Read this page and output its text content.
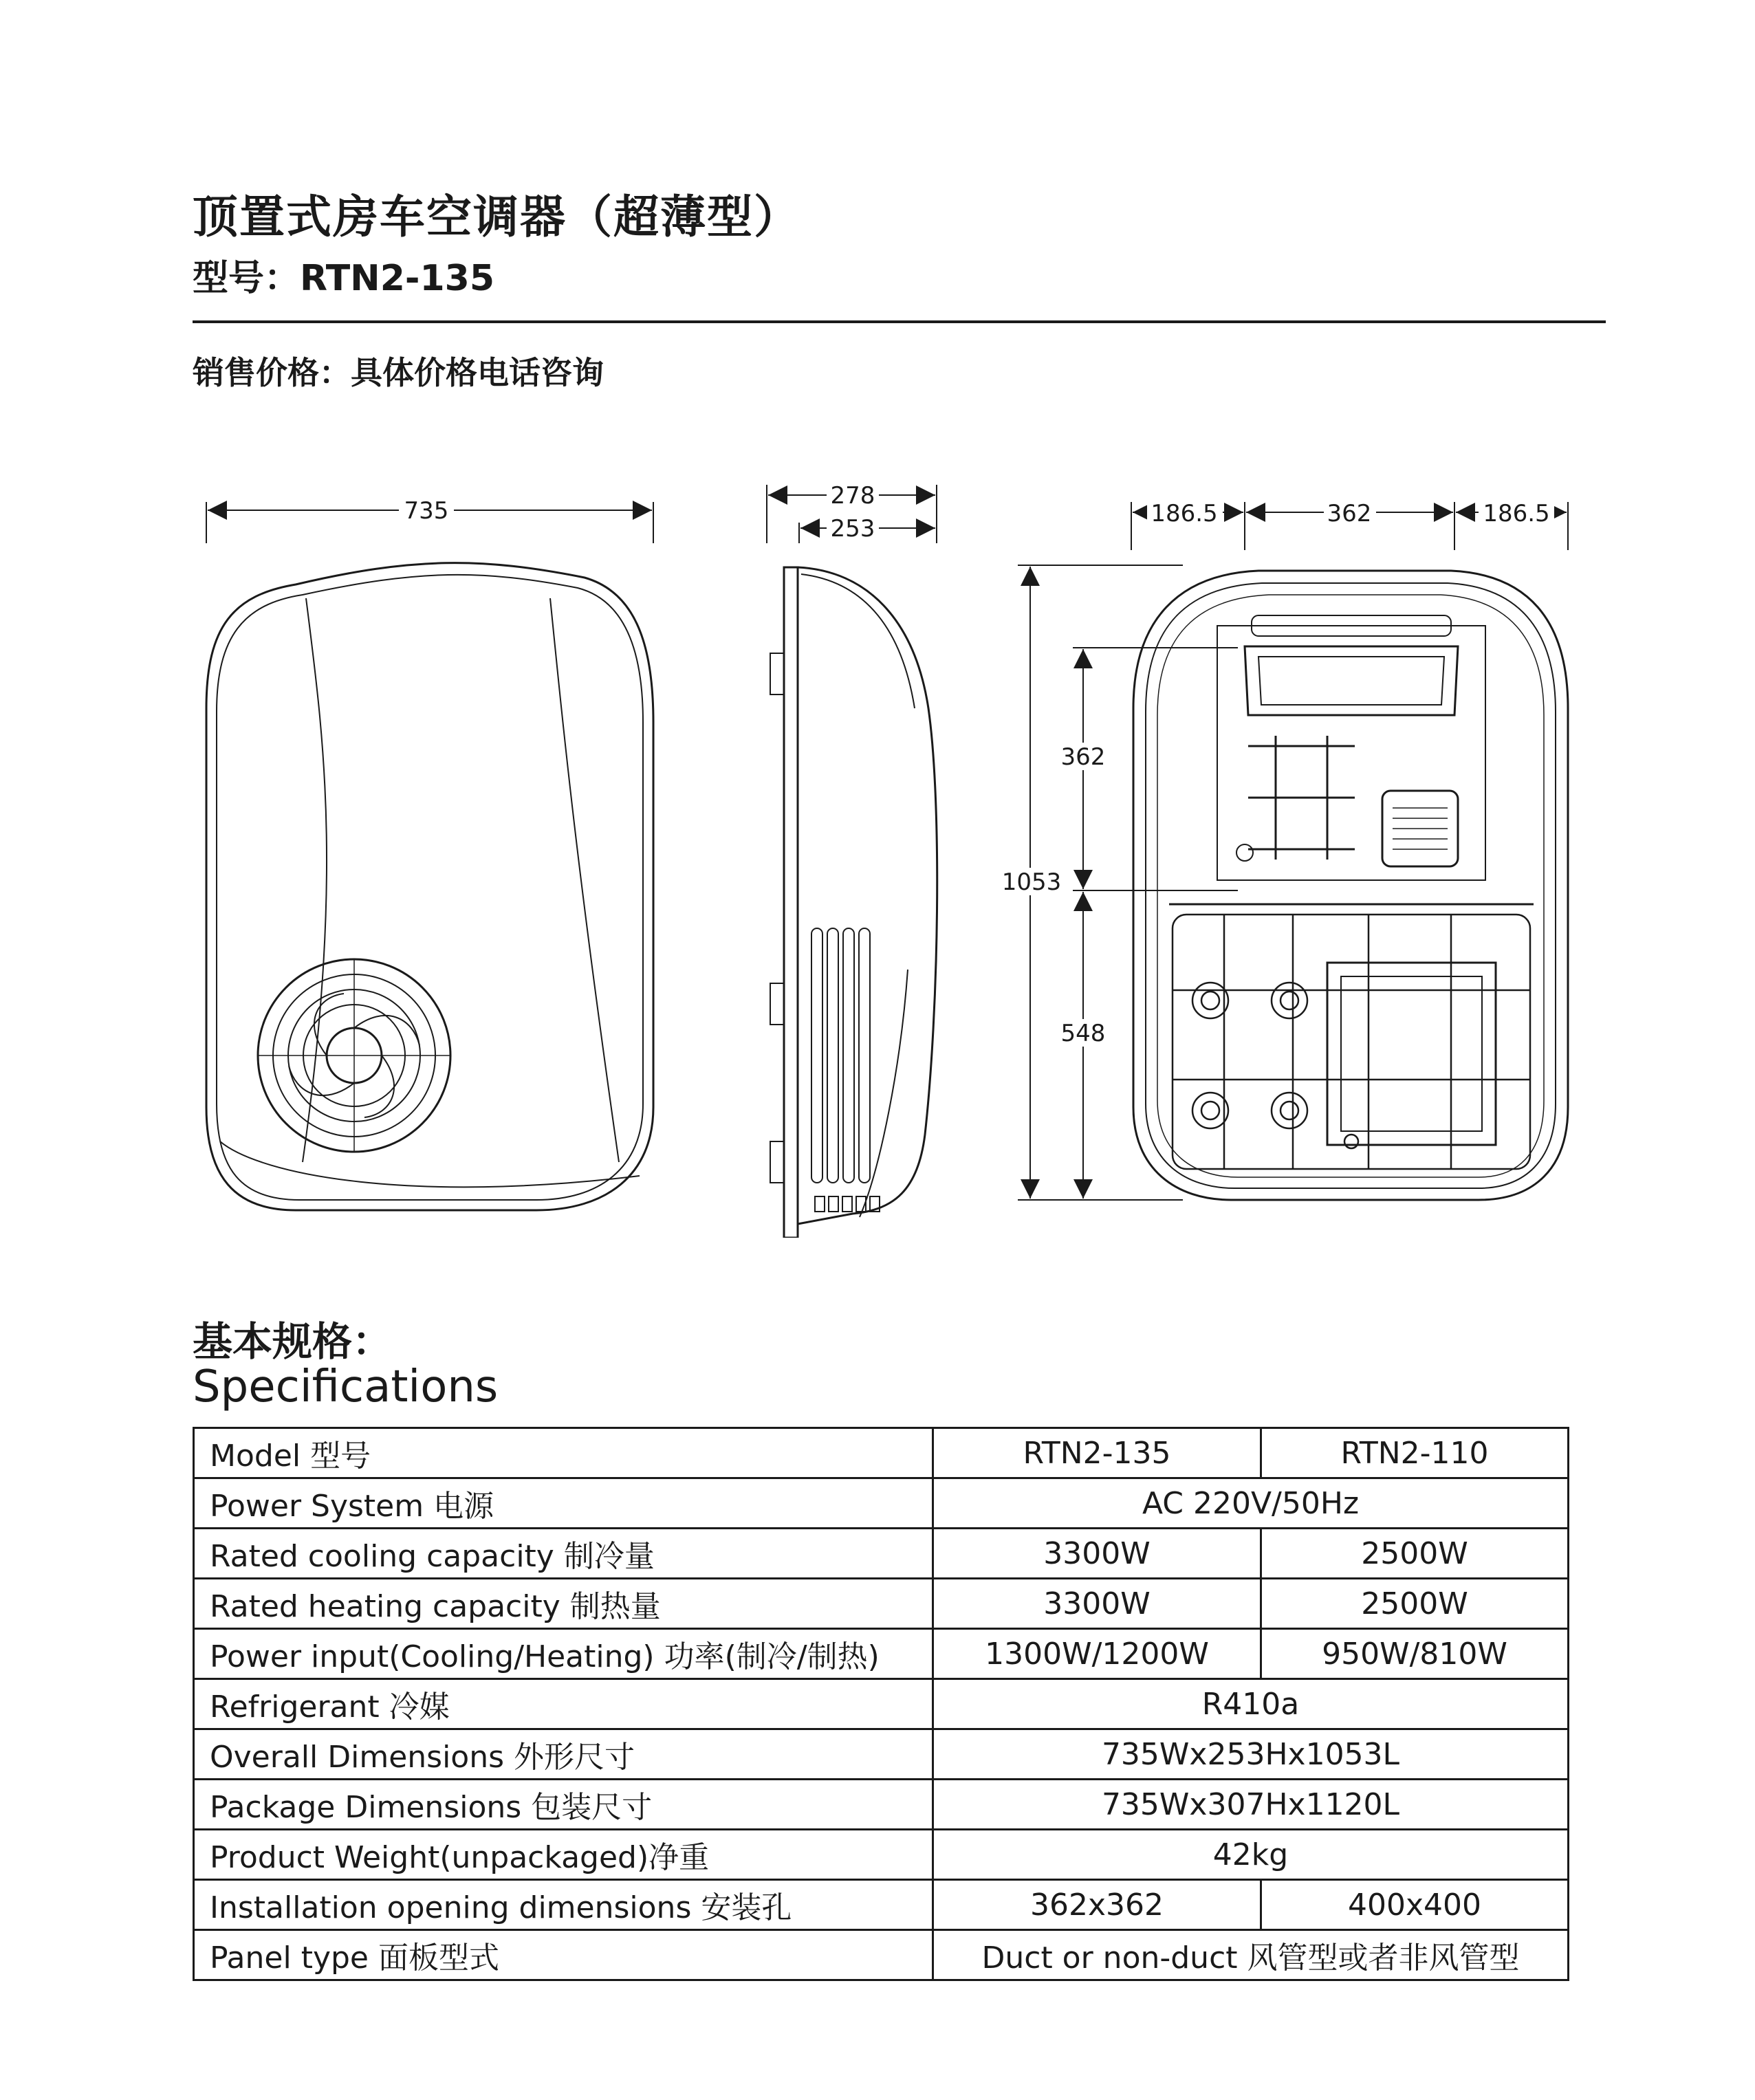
顶置式房车空调器（超薄型）
型号：RTN2-135
销售价格：具体价格电话咨询
735
278
253
186.5	362	186.5
1053
362
548
基本规格：
Specifications
Model 型号	RTN2-135	RTN2-110
Power System 电源	AC 220V/50Hz	
Rated cooling capacity 制冷量	3300W	2500W
Rated heating capacity 制热量	3300W	2500W
Power input(Cooling/Heating) 功率(制冷/制热)	1300W/1200W	950W/810W
Refrigerant 冷媒	R410a	
Overall Dimensions 外形尺寸	735Wx253Hx1053L	
Package Dimensions 包装尺寸	735Wx307Hx1120L	
Product Weight(unpackaged)净重	42kg	
Installation opening dimensions 安装孔	362x362	400x400
Panel type 面板型式	Duct or non-duct 风管型或者非风管型	
